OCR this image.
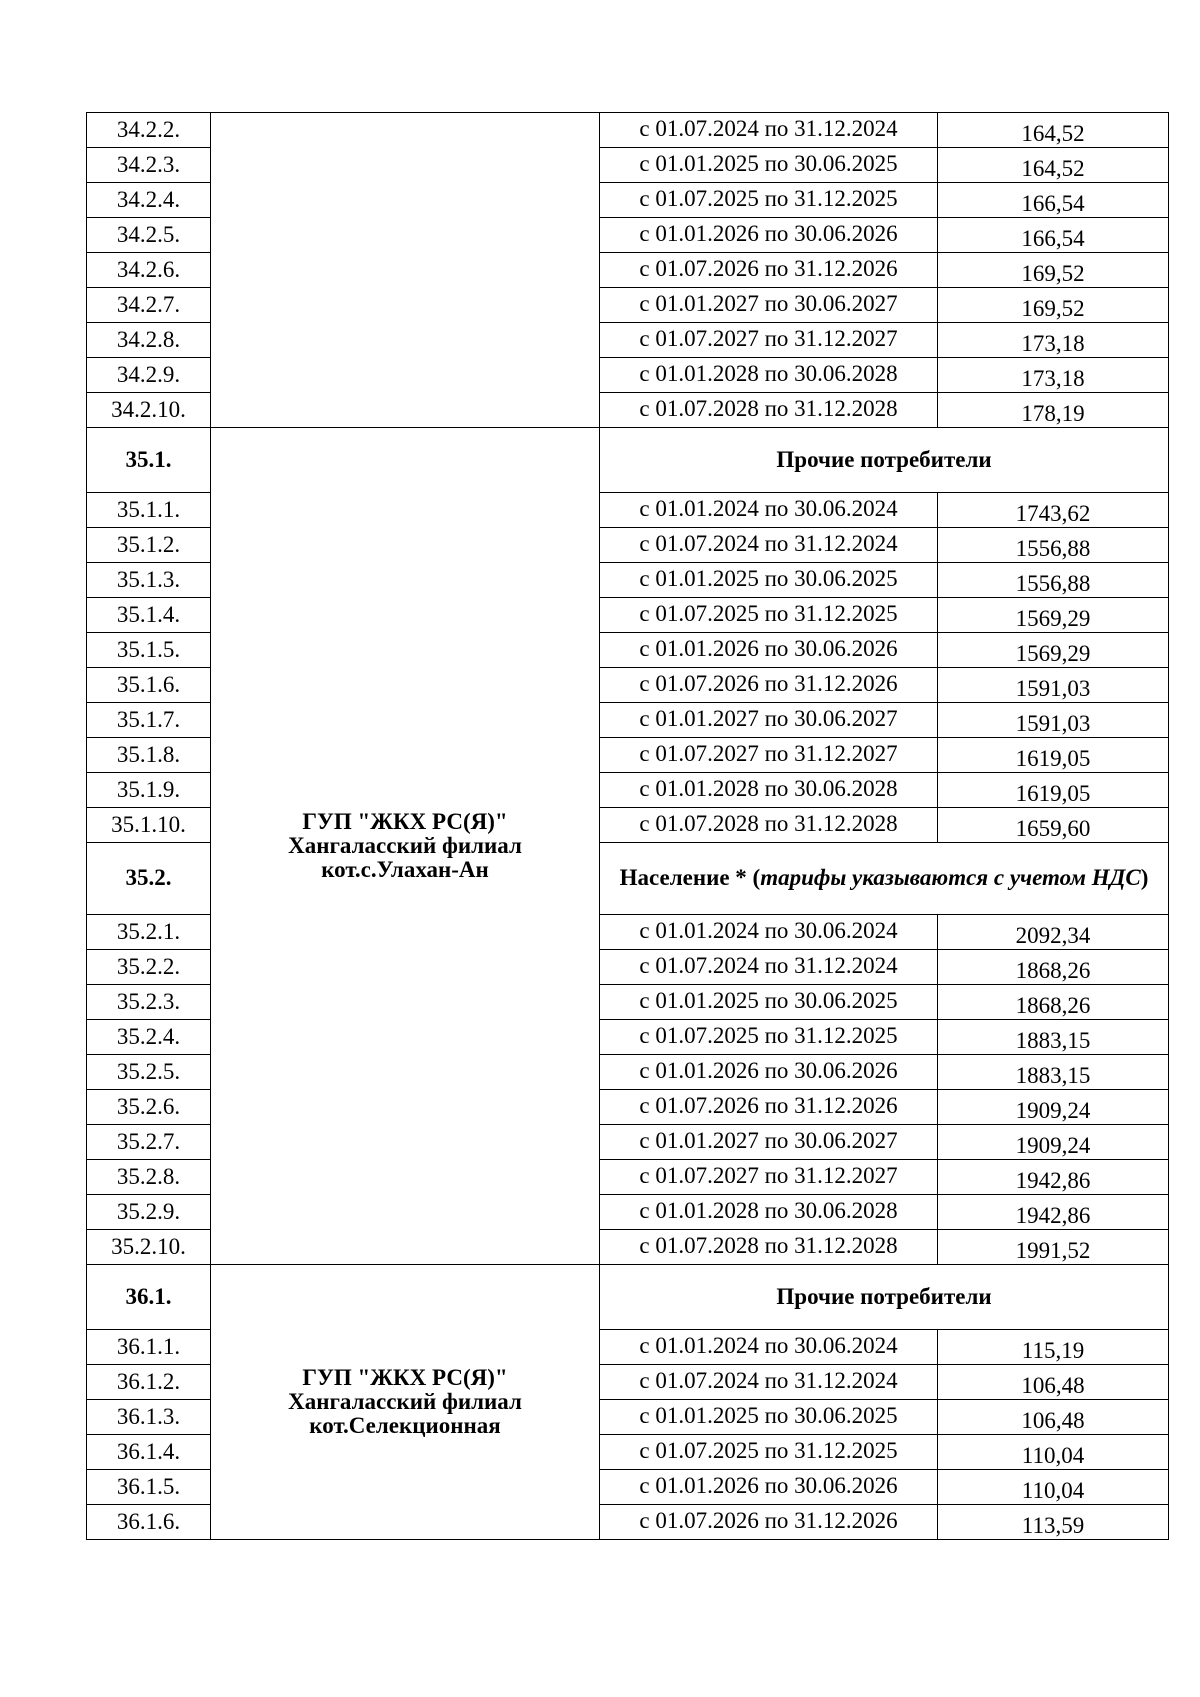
34.2.2.		с 01.07.2024 по 31.12.2024	164,52
34.2.3.		с 01.01.2025 по 30.06.2025	164,52
34.2.4.		с 01.07.2025 по 31.12.2025	166,54
34.2.5.		с 01.01.2026 по 30.06.2026	166,54
34.2.6.		с 01.07.2026 по 31.12.2026	169,52
34.2.7.		с 01.01.2027 по 30.06.2027	169,52
34.2.8.		с 01.07.2027 по 31.12.2027	173,18
34.2.9.		с 01.01.2028 по 30.06.2028	173,18
34.2.10.		с 01.07.2028 по 31.12.2028	178,19
35.1.	ГУП "ЖКХ РС(Я)"
Хангаласский филиал
кот.с.Улахан-Ан	Прочие потребители	
35.1.1.		с 01.01.2024 по 30.06.2024	1743,62
35.1.2.		с 01.07.2024 по 31.12.2024	1556,88
35.1.3.		с 01.01.2025 по 30.06.2025	1556,88
35.1.4.		с 01.07.2025 по 31.12.2025	1569,29
35.1.5.		с 01.01.2026 по 30.06.2026	1569,29
35.1.6.		с 01.07.2026 по 31.12.2026	1591,03
35.1.7.		с 01.01.2027 по 30.06.2027	1591,03
35.1.8.		с 01.07.2027 по 31.12.2027	1619,05
35.1.9.		с 01.01.2028 по 30.06.2028	1619,05
35.1.10.		с 01.07.2028 по 31.12.2028	1659,60
35.2.		Население * (тарифы указываются с учетом НДС)	
35.2.1.		с 01.01.2024 по 30.06.2024	2092,34
35.2.2.		с 01.07.2024 по 31.12.2024	1868,26
35.2.3.		с 01.01.2025 по 30.06.2025	1868,26
35.2.4.		с 01.07.2025 по 31.12.2025	1883,15
35.2.5.		с 01.01.2026 по 30.06.2026	1883,15
35.2.6.		с 01.07.2026 по 31.12.2026	1909,24
35.2.7.		с 01.01.2027 по 30.06.2027	1909,24
35.2.8.		с 01.07.2027 по 31.12.2027	1942,86
35.2.9.		с 01.01.2028 по 30.06.2028	1942,86
35.2.10.		с 01.07.2028 по 31.12.2028	1991,52
36.1.	ГУП "ЖКХ РС(Я)"
Хангаласский филиал
кот.Селекционная	Прочие потребители	
36.1.1.		с 01.01.2024 по 30.06.2024	115,19
36.1.2.		с 01.07.2024 по 31.12.2024	106,48
36.1.3.		с 01.01.2025 по 30.06.2025	106,48
36.1.4.		с 01.07.2025 по 31.12.2025	110,04
36.1.5.		с 01.01.2026 по 30.06.2026	110,04
36.1.6.		с 01.07.2026 по 31.12.2026	113,59
